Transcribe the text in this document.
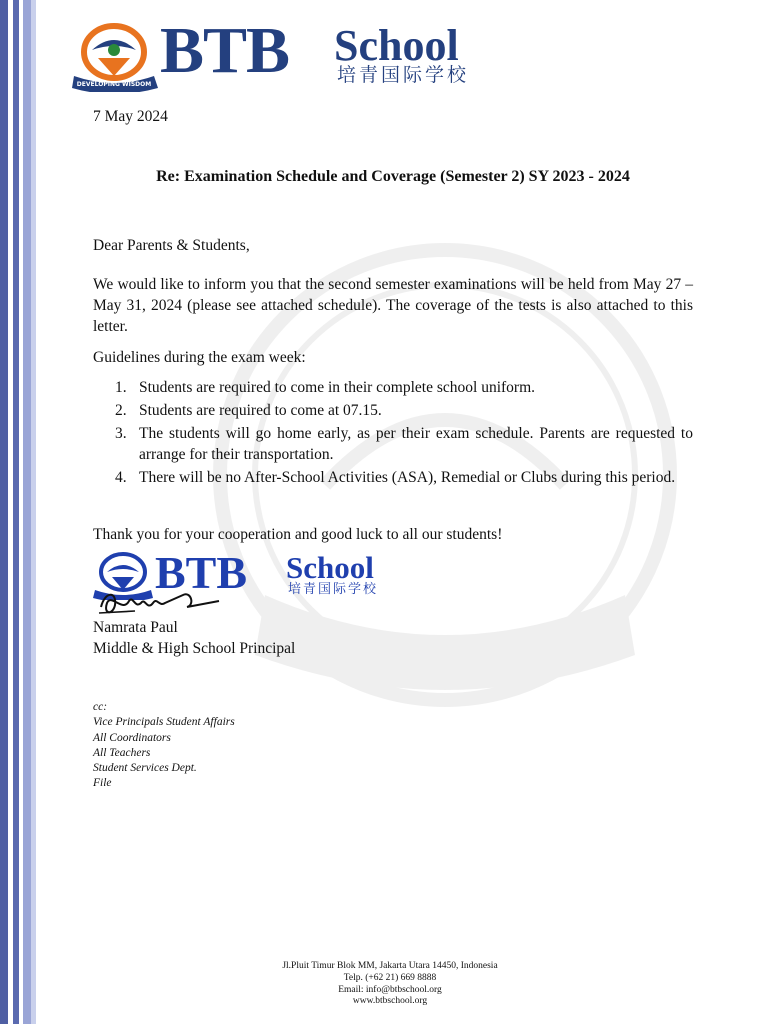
DEVELOPING WISDOM BTB School
培青国际学校
7 May 2024
Re: Examination Schedule and Coverage (Semester 2) SY 2023 - 2024
Dear Parents & Students,
We would like to inform you that the second semester examinations will be held from May 27 – May 31, 2024 (please see attached schedule). The coverage of the tests is also attached to this letter.
Guidelines during the exam week:
1. Students are required to come in their complete school uniform.
2. Students are required to come at 07.15.
3. The students will go home early, as per their exam schedule. Parents are requested to arrange for their transportation.
4. There will be no After-School Activities (ASA), Remedial or Clubs during this period.
Thank you for your cooperation and good luck to all our students!
BTB School
培青国际学校
Namrata Paul
Middle & High School Principal
cc:
Vice Principals Student Affairs
All Coordinators
All Teachers
Student Services Dept.
File
Jl.Pluit Timur Blok MM, Jakarta Utara 14450, Indonesia
Telp. (+62 21) 669 8888
Email: info@btbschool.org
www.btbschool.org
